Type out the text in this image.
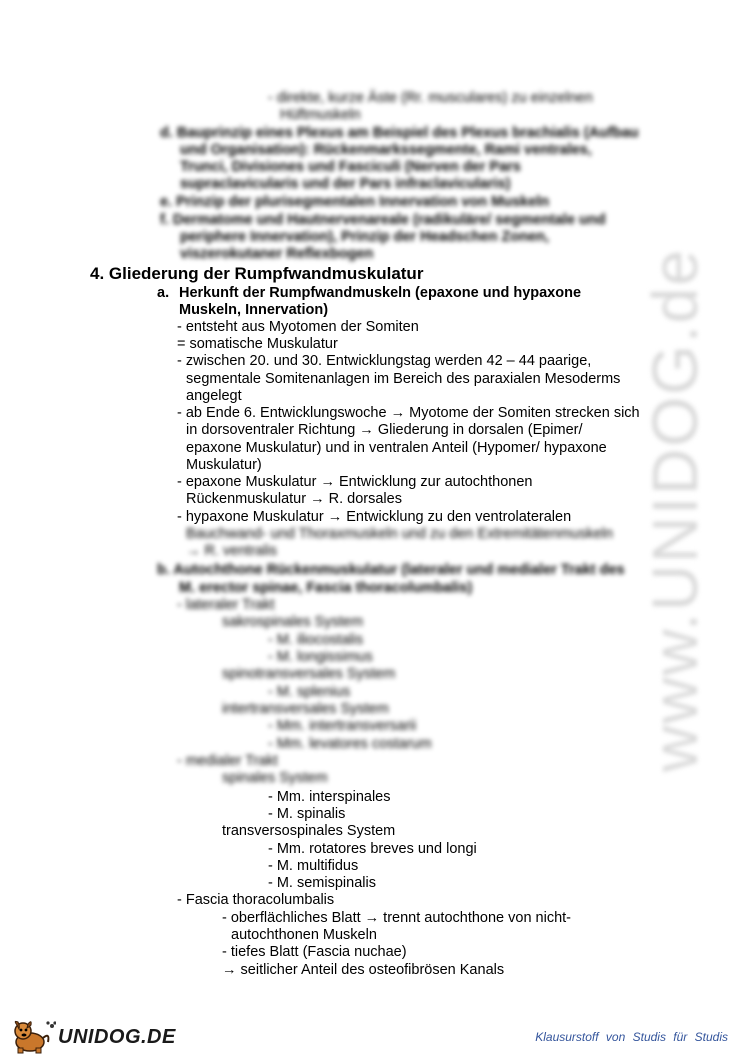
www.UNIDOG.de
- direkte, kurze Äste (Rr. musculares) zu einzelnen
Hüftmuskeln
d. Bauprinzip eines Plexus am Beispiel des Plexus brachialis (Aufbau
und Organisation): Rückenmarkssegmente, Rami ventrales,
Trunci, Divisiones und Fasciculi (Nerven der Pars
supraclavicularis und der Pars infraclavicularis)
e. Prinzip der plurisegmentalen Innervation von Muskeln
f. Dermatome und Hautnervenareale (radikuläre/ segmentale und
periphere Innervation), Prinzip der Headschen Zonen,
viszerokutaner Reflexbogen
4. Gliederung der Rumpfwandmuskulatur
a. Herkunft der Rumpfwandmuskeln (epaxone und hypaxone
Muskeln, Innervation)
- entsteht aus Myotomen der Somiten
= somatische Muskulatur
- zwischen 20. und 30. Entwicklungstag werden 42 – 44 paarige,
segmentale Somitenanlagen im Bereich des paraxialen Mesoderms
angelegt
- ab Ende 6. Entwicklungswoche → Myotome der Somiten strecken sich
in dorsoventraler Richtung → Gliederung in dorsalen (Epimer/
epaxone Muskulatur) und in ventralen Anteil (Hypomer/ hypaxone
Muskulatur)
- epaxone Muskulatur → Entwicklung zur autochthonen
Rückenmuskulatur → R. dorsales
- hypaxone Muskulatur → Entwicklung zu den ventrolateralen
Bauchwand- und Thoraxmuskeln und zu den Extremitätenmuskeln
→ R. ventralis
b. Autochthone Rückenmuskulatur (lateraler und medialer Trakt des
M. erector spinae, Fascia thoracolumbalis)
- lateraler Trakt
sakrospinales System
- M. iliocostalis
- M. longissimus
spinotransversales System
- M. splenius
intertransversales System
- Mm. intertransversarii
- Mm. levatores costarum
- medialer Trakt
spinales System
- Mm. interspinales
- M. spinalis
transversospinales System
- Mm. rotatores breves und longi
- M. multifidus
- M. semispinalis
- Fascia thoracolumbalis
- oberflächliches Blatt → trennt autochthone von nicht-
autochthonen Muskeln
- tiefes Blatt (Fascia nuchae)
→ seitlicher Anteil des osteofibrösen Kanals
UNIDOG.DE	Klausurstoff von Studis für Studis
